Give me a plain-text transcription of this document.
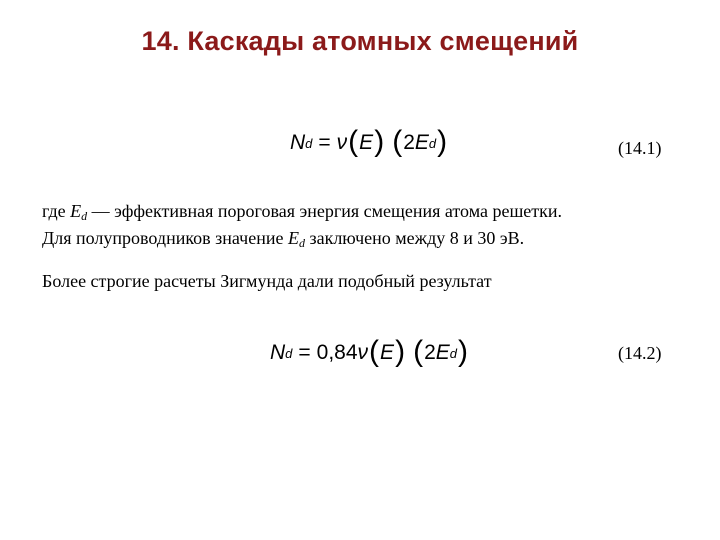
14. Каскады атомных смещений
N d = ν ( E ) ( 2 E d )	(14.1)
где $E_d$ — эффективная пороговая энергия смещения атома решетки.
Для полупроводников значение $E_d$ заключено между 8 и 30 эВ.
Более строгие расчеты Зигмунда дали подобный результат
N d = 0,84 ν ( E ) ( 2 E d )	(14.2)
